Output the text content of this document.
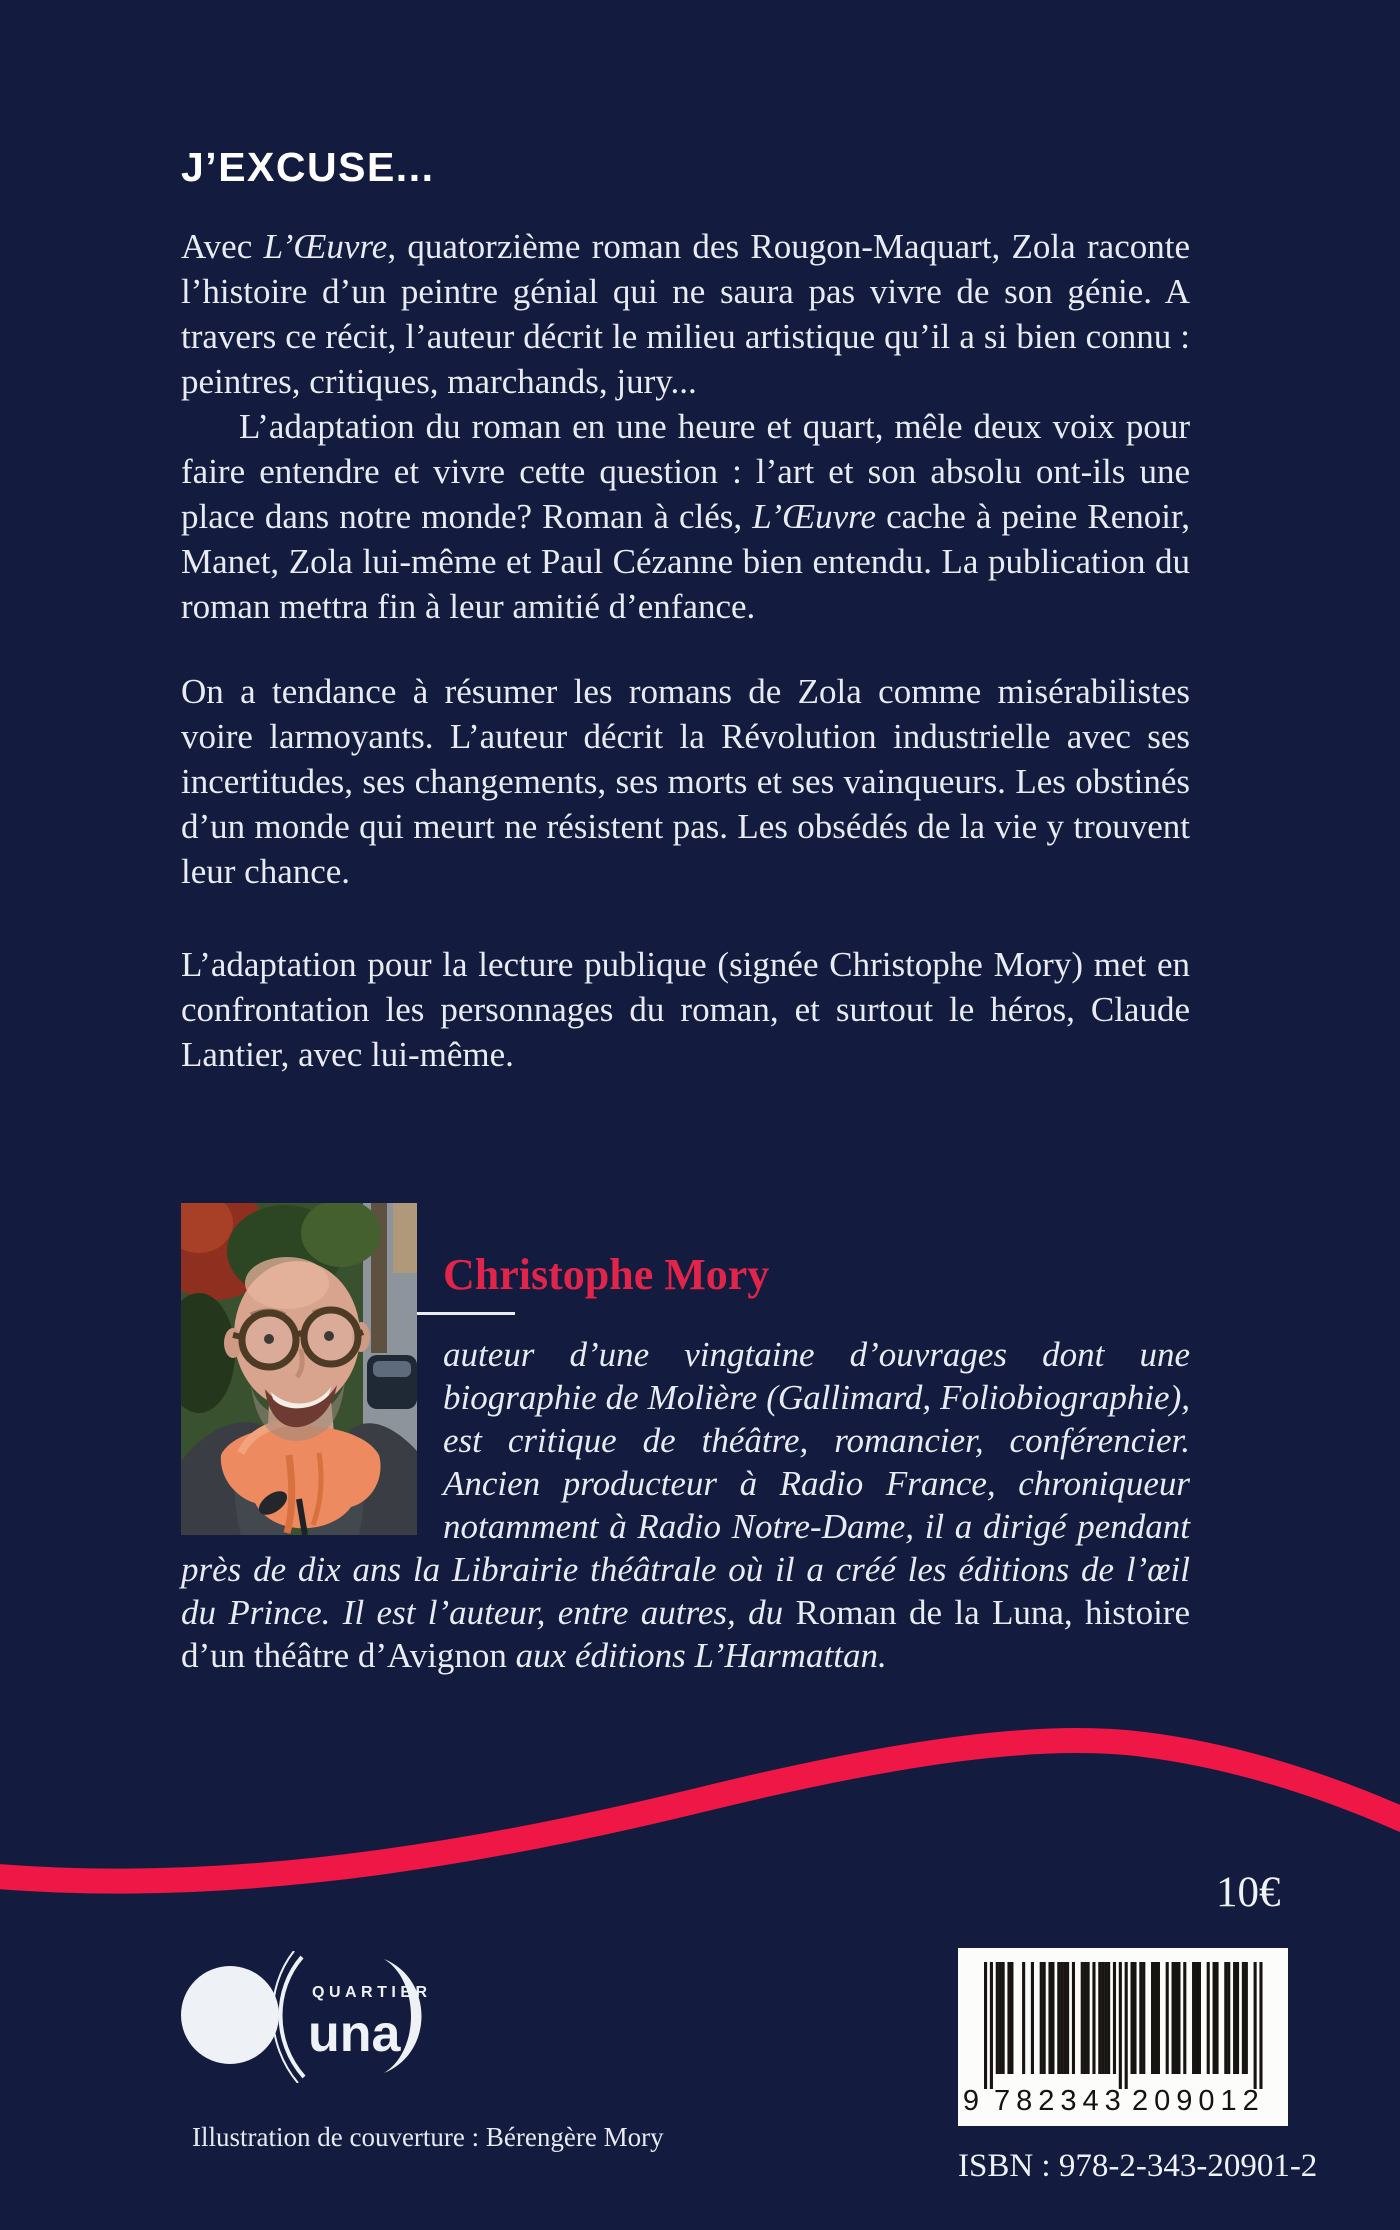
J’EXCUSE...

Avec L’Œuvre, quatorzième roman des Rougon-Maquart, Zola raconte l’histoire d’un peintre génial qui ne saura pas vivre de son génie. A travers ce récit, l’auteur décrit le milieu artistique qu’il a si bien connu : peintres, critiques, marchands, jury...

L’adaptation du roman en une heure et quart, mêle deux voix pour faire entendre et vivre cette question : l’art et son absolu ont-ils une place dans notre monde? Roman à clés, L’Œuvre cache à peine Renoir, Manet, Zola lui-même et Paul Cézanne bien entendu. La publication du roman mettra fin à leur amitié d’enfance.

On a tendance à résumer les romans de Zola comme misérabilistes voire larmoyants. L’auteur décrit la Révolution industrielle avec ses incertitudes, ses changements, ses morts et ses vainqueurs. Les obstinés d’un monde qui meurt ne résistent pas. Les obsédés de la vie y trouvent leur chance.

L’adaptation pour la lecture publique (signée Christophe Mory) met en confrontation les personnages du roman, et surtout le héros, Claude Lantier, avec lui-même.

Christophe Mory
auteur d’une vingtaine d’ouvrages dont une biographie de Molière (Gallimard, Foliobiographie), est critique de théâtre, romancier, conférencier. Ancien producteur à Radio France, chroniqueur notamment à Radio Notre-Dame, il a dirigé pendant près de dix ans la Librairie théâtrale où il a créé les éditions de l’œil du Prince. Il est l’auteur, entre autres, du Roman de la Luna, histoire d’un théâtre d’Avignon aux éditions L’Harmattan.
10€
QUARTIER
una
9 782343 209012
ISBN : 978-2-343-20901-2
Illustration de couverture : Bérengère Mory
